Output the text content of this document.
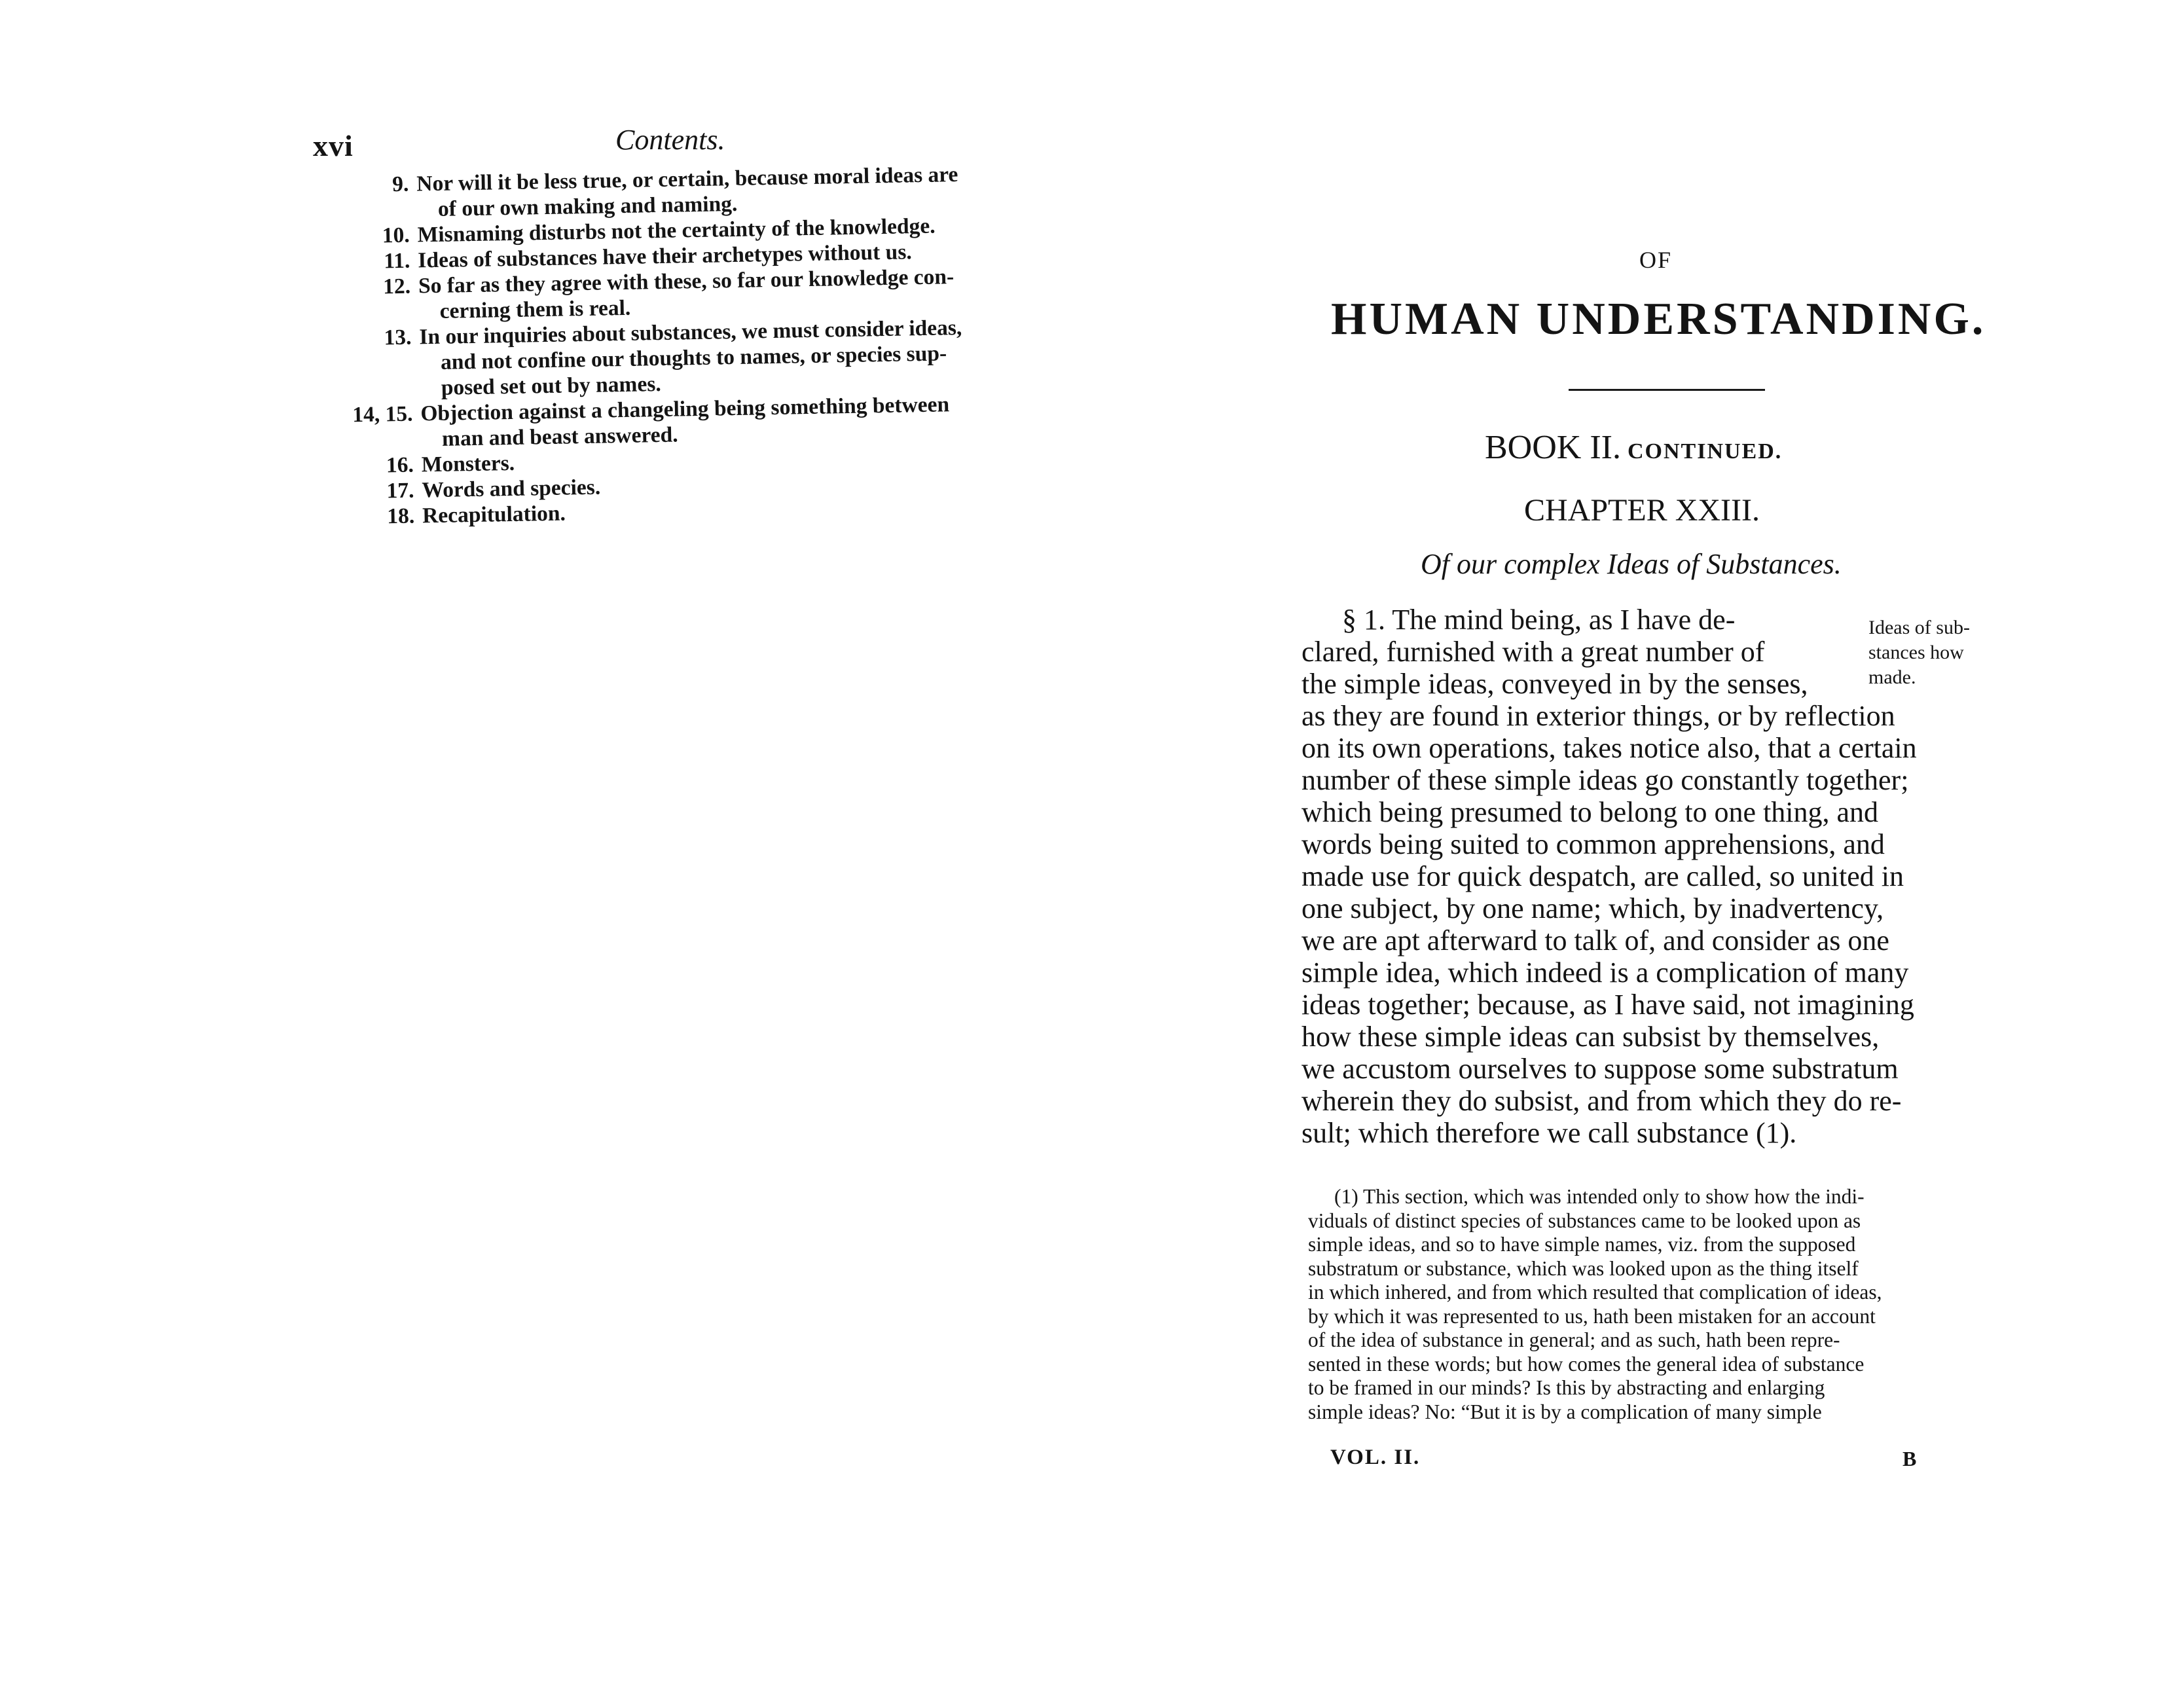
xvi	Contents.
9. Nor will it be less true, or certain, because moral ideas are
of our own making and naming.
10. Misnaming disturbs not the certainty of the knowledge.
11. Ideas of substances have their archetypes without us.
12. So far as they agree with these, so far our knowledge con-
cerning them is real.
13. In our inquiries about substances, we must consider ideas,
and not confine our thoughts to names, or species sup-
posed set out by names.
14, 15. Objection against a changeling being something between
man and beast answered.
16. Monsters.
17. Words and species.
18. Recapitulation.
OF
HUMAN UNDERSTANDING.
BOOK II. CONTINUED.
CHAPTER XXIII.
Of our complex Ideas of Substances.
Ideas of sub-
stances how
made.
§ 1. The mind being, as I have de-
clared, furnished with a great number of
the simple ideas, conveyed in by the senses,
as they are found in exterior things, or by reflection
on its own operations, takes notice also, that a certain
number of these simple ideas go constantly together;
which being presumed to belong to one thing, and
words being suited to common apprehensions, and
made use for quick despatch, are called, so united in
one subject, by one name; which, by inadvertency,
we are apt afterward to talk of, and consider as one
simple idea, which indeed is a complication of many
ideas together; because, as I have said, not imagining
how these simple ideas can subsist by themselves,
we accustom ourselves to suppose some substratum
wherein they do subsist, and from which they do re-
sult; which therefore we call substance (1).
(1) This section, which was intended only to show how the indi-
viduals of distinct species of substances came to be looked upon as
simple ideas, and so to have simple names, viz. from the supposed
substratum or substance, which was looked upon as the thing itself
in which inhered, and from which resulted that complication of ideas,
by which it was represented to us, hath been mistaken for an account
of the idea of substance in general; and as such, hath been repre-
sented in these words; but how comes the general idea of substance
to be framed in our minds? Is this by abstracting and enlarging
simple ideas? No: “But it is by a complication of many simple
VOL. II.	B
